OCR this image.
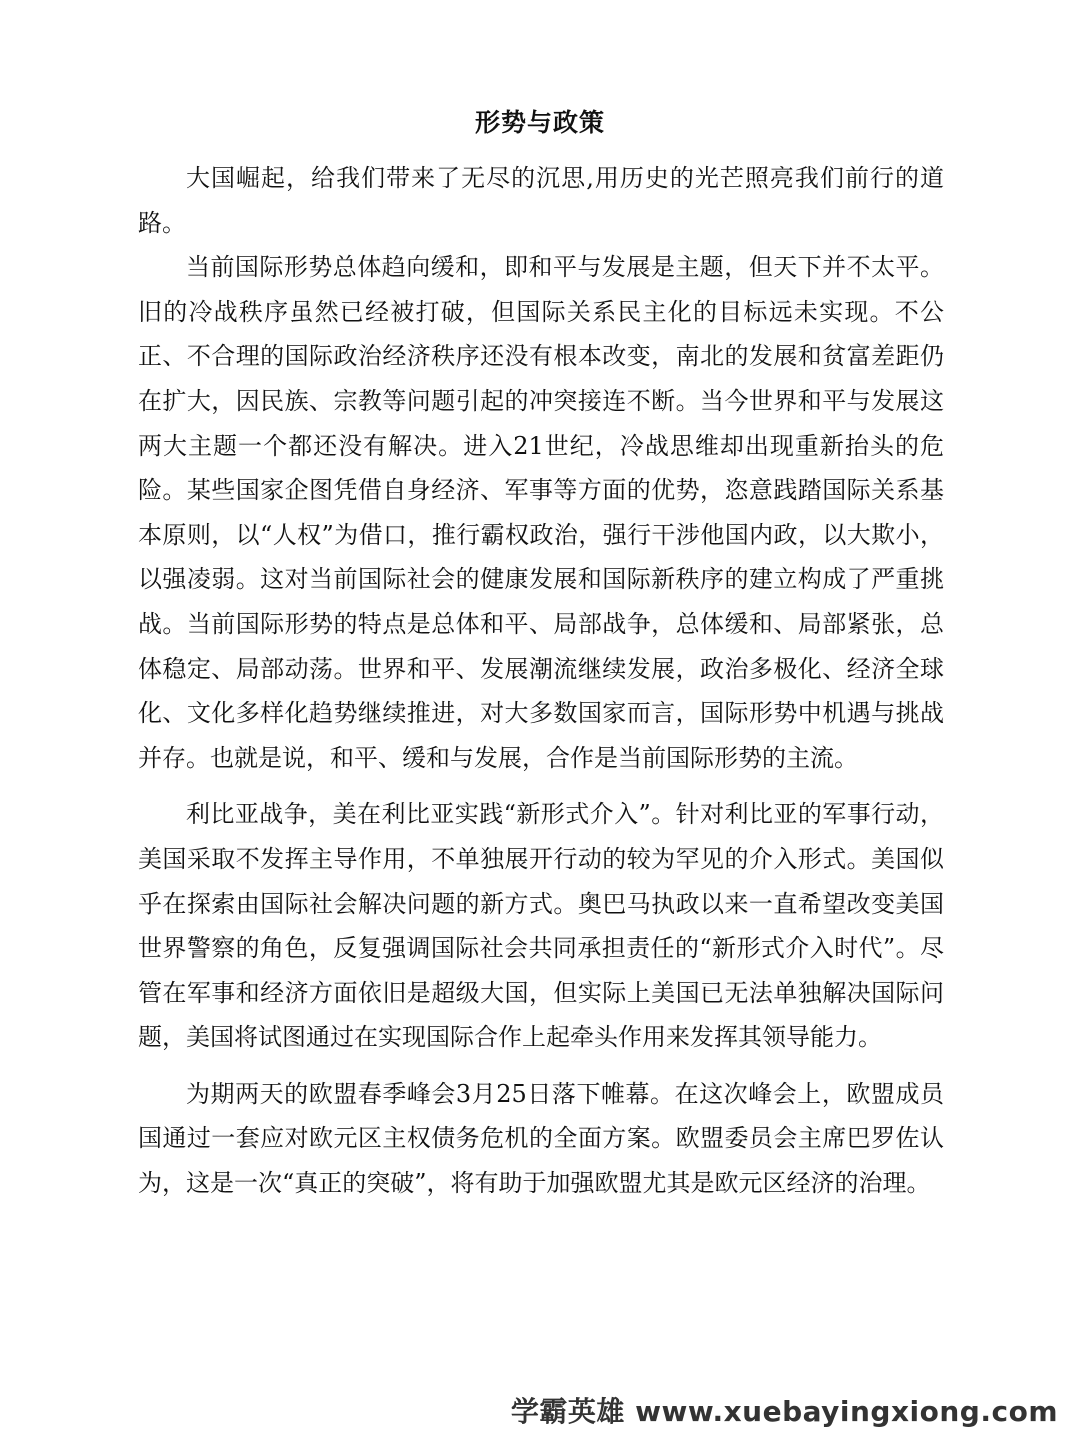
形势与政策

大国崛起，给我们带来了无尽的沉思,用历史的光芒照亮我们前行的道路。

当前国际形势总体趋向缓和，即和平与发展是主题，但天下并不太平。旧的冷战秩序虽然已经被打破，但国际关系民主化的目标远未实现。不公正、不合理的国际政治经济秩序还没有根本改变，南北的发展和贫富差距仍在扩大，因民族、宗教等问题引起的冲突接连不断。当今世界和平与发展这两大主题一个都还没有解决。进入21世纪，冷战思维却出现重新抬头的危险。某些国家企图凭借自身经济、军事等方面的优势，恣意践踏国际关系基本原则，以“人权”为借口，推行霸权政治，强行干涉他国内政，以大欺小，以强凌弱。这对当前国际社会的健康发展和国际新秩序的建立构成了严重挑战。当前国际形势的特点是总体和平、局部战争，总体缓和、局部紧张，总体稳定、局部动荡。世界和平、发展潮流继续发展，政治多极化、经济全球化、文化多样化趋势继续推进，对大多数国家而言，国际形势中机遇与挑战并存。也就是说，和平、缓和与发展，合作是当前国际形势的主流。

利比亚战争，美在利比亚实践“新形式介入”。针对利比亚的军事行动，美国采取不发挥主导作用，不单独展开行动的较为罕见的介入形式。美国似乎在探索由国际社会解决问题的新方式。奥巴马执政以来一直希望改变美国世界警察的角色，反复强调国际社会共同承担责任的“新形式介入时代”。尽管在军事和经济方面依旧是超级大国，但实际上美国已无法单独解决国际问题，美国将试图通过在实现国际合作上起牵头作用来发挥其领导能力。

为期两天的欧盟春季峰会3月25日落下帷幕。在这次峰会上，欧盟成员国通过一套应对欧元区主权债务危机的全面方案。欧盟委员会主席巴罗佐认为，这是一次“真正的突破”，将有助于加强欧盟尤其是欧元区经济的治理。

学霸英雄 www.xuebayingxiong.com
